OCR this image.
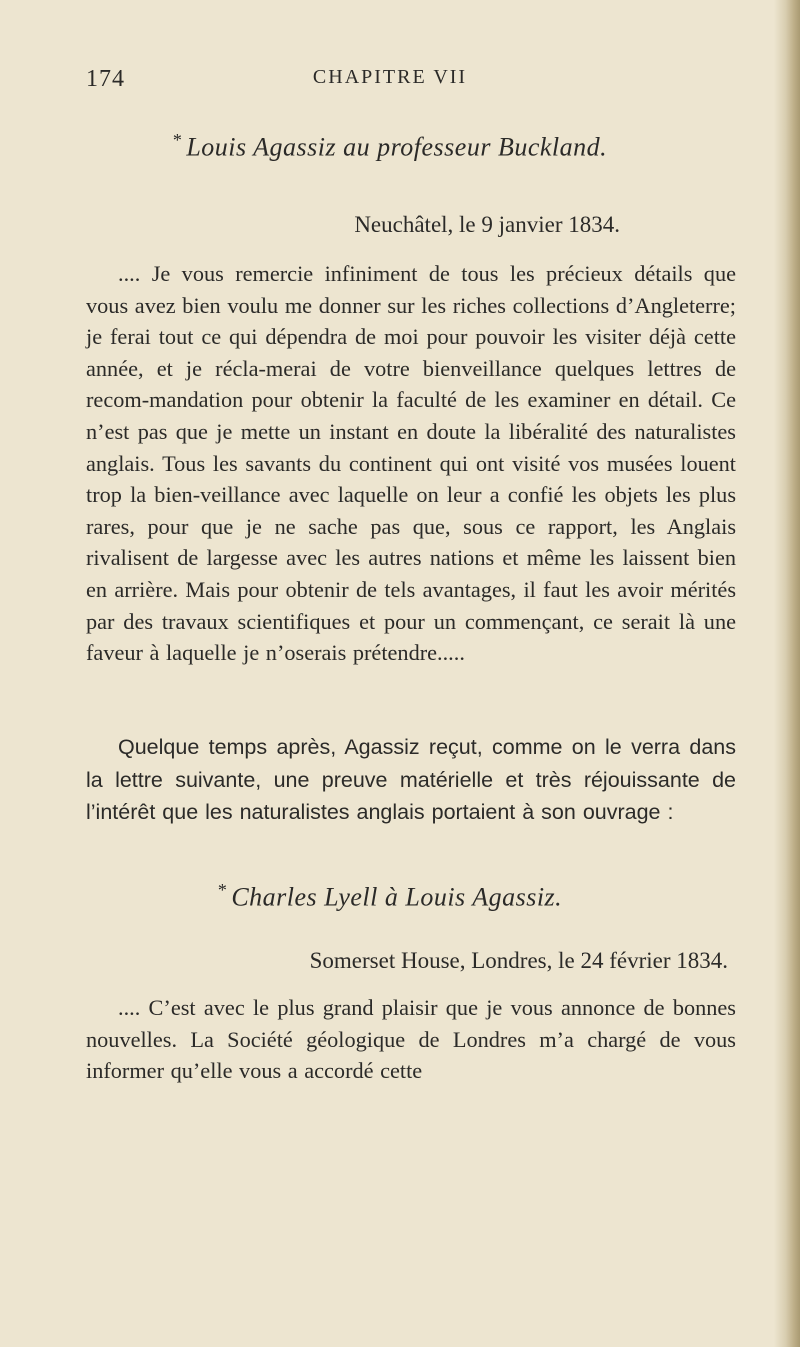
174	CHAPITRE VII
* Louis Agassiz au professeur Buckland.
Neuchâtel, le 9 janvier 1834.

.... Je vous remercie infiniment de tous les précieux détails que vous avez bien voulu me donner sur les riches collections d’Angleterre; je ferai tout ce qui dépendra de moi pour pouvoir les visiter déjà cette année, et je récla-merai de votre bienveillance quelques lettres de recom-mandation pour obtenir la faculté de les examiner en détail. Ce n’est pas que je mette un instant en doute la libéralité des naturalistes anglais. Tous les savants du continent qui ont visité vos musées louent trop la bien-veillance avec laquelle on leur a confié les objets les plus rares, pour que je ne sache pas que, sous ce rapport, les Anglais rivalisent de largesse avec les autres nations et même les laissent bien en arrière. Mais pour obtenir de tels avantages, il faut les avoir mérités par des travaux scientifiques et pour un commençant, ce serait là une faveur à laquelle je n’oserais prétendre.....

Quelque temps après, Agassiz reçut, comme on le verra dans la lettre suivante, une preuve matérielle et très réjouissante de l’intérêt que les naturalistes anglais portaient à son ouvrage :

* Charles Lyell à Louis Agassiz.
Somerset House, Londres, le 24 février 1834.

.... C’est avec le plus grand plaisir que je vous annonce de bonnes nouvelles. La Société géologique de Londres m’a chargé de vous informer qu’elle vous a accordé cette
